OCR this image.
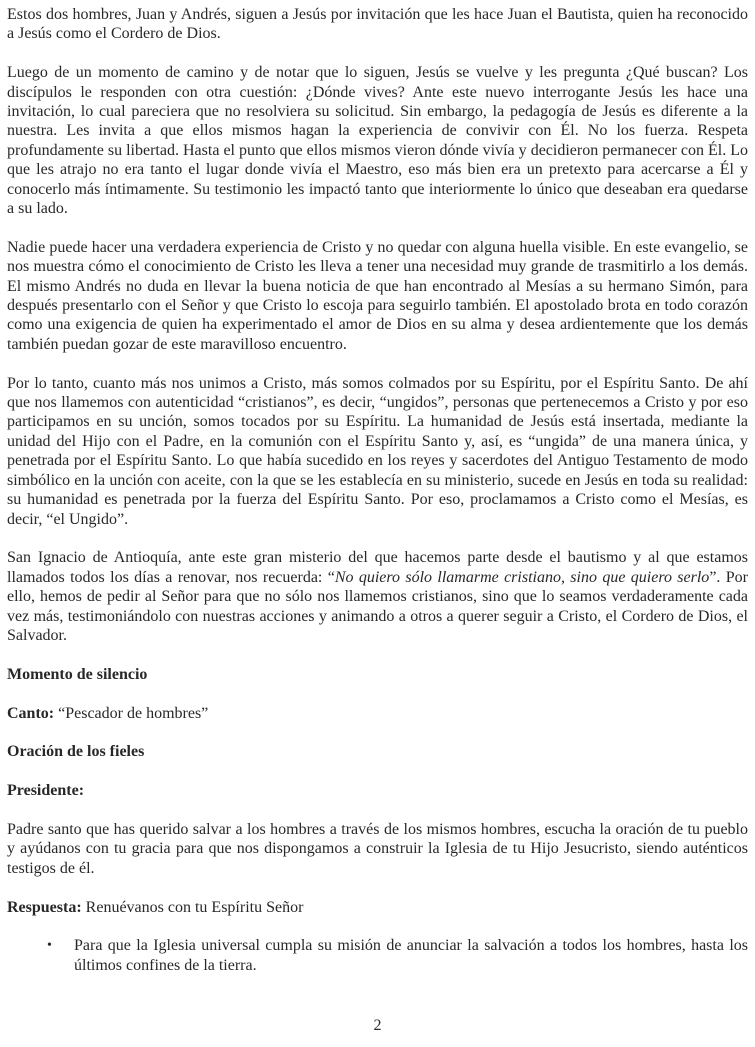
Estos dos hombres, Juan y Andrés, siguen a Jesús por invitación que les hace Juan el Bautista, quien ha reconocido a Jesús como el Cordero de Dios.

Luego de un momento de camino y de notar que lo siguen, Jesús se vuelve y les pregunta ¿Qué buscan? Los discípulos le responden con otra cuestión: ¿Dónde vives? Ante este nuevo interrogante Jesús les hace una invitación, lo cual pareciera que no resolviera su solicitud. Sin embargo, la pedagogía de Jesús es diferente a la nuestra. Les invita a que ellos mismos hagan la experiencia de convivir con Él. No los fuerza. Respeta profundamente su libertad. Hasta el punto que ellos mismos vieron dónde vivía y decidieron permanecer con Él. Lo que les atrajo no era tanto el lugar donde vivía el Maestro, eso más bien era un pretexto para acercarse a Él y conocerlo más íntimamente. Su testimonio les impactó tanto que interiormente lo único que deseaban era quedarse a su lado.

Nadie puede hacer una verdadera experiencia de Cristo y no quedar con alguna huella visible. En este evangelio, se nos muestra cómo el conocimiento de Cristo les lleva a tener una necesidad muy grande de trasmitirlo a los demás. El mismo Andrés no duda en llevar la buena noticia de que han encontrado al Mesías a su hermano Simón, para después presentarlo con el Señor y que Cristo lo escoja para seguirlo también. El apostolado brota en todo corazón como una exigencia de quien ha experimentado el amor de Dios en su alma y desea ardientemente que los demás también puedan gozar de este maravilloso encuentro.

Por lo tanto, cuanto más nos unimos a Cristo, más somos colmados por su Espíritu, por el Espíritu Santo. De ahí que nos llamemos con autenticidad “cristianos”, es decir, “ungidos”, personas que pertenecemos a Cristo y por eso participamos en su unción, somos tocados por su Espíritu. La humanidad de Jesús está insertada, mediante la unidad del Hijo con el Padre, en la comunión con el Espíritu Santo y, así, es “ungida” de una manera única, y penetrada por el Espíritu Santo. Lo que había sucedido en los reyes y sacerdotes del Antiguo Testamento de modo simbólico en la unción con aceite, con la que se les establecía en su ministerio, sucede en Jesús en toda su realidad: su humanidad es penetrada por la fuerza del Espíritu Santo. Por eso, proclamamos a Cristo como el Mesías, es decir, “el Ungido”.

San Ignacio de Antioquía, ante este gran misterio del que hacemos parte desde el bautismo y al que estamos llamados todos los días a renovar, nos recuerda: “No quiero sólo llamarme cristiano, sino que quiero serlo”. Por ello, hemos de pedir al Señor para que no sólo nos llamemos cristianos, sino que lo seamos verdaderamente cada vez más, testimoniándolo con nuestras acciones y animando a otros a querer seguir a Cristo, el Cordero de Dios, el Salvador.

Momento de silencio

Canto: “Pescador de hombres”

Oración de los fieles

Presidente:

Padre santo que has querido salvar a los hombres a través de los mismos hombres, escucha la oración de tu pueblo y ayúdanos con tu gracia para que nos dispongamos a construir la Iglesia de tu Hijo Jesucristo, siendo auténticos testigos de él.

Respuesta: Renuévanos con tu Espíritu Señor

•	Para que la Iglesia universal cumpla su misión de anunciar la salvación a todos los hombres, hasta los últimos confines de la tierra.
2
